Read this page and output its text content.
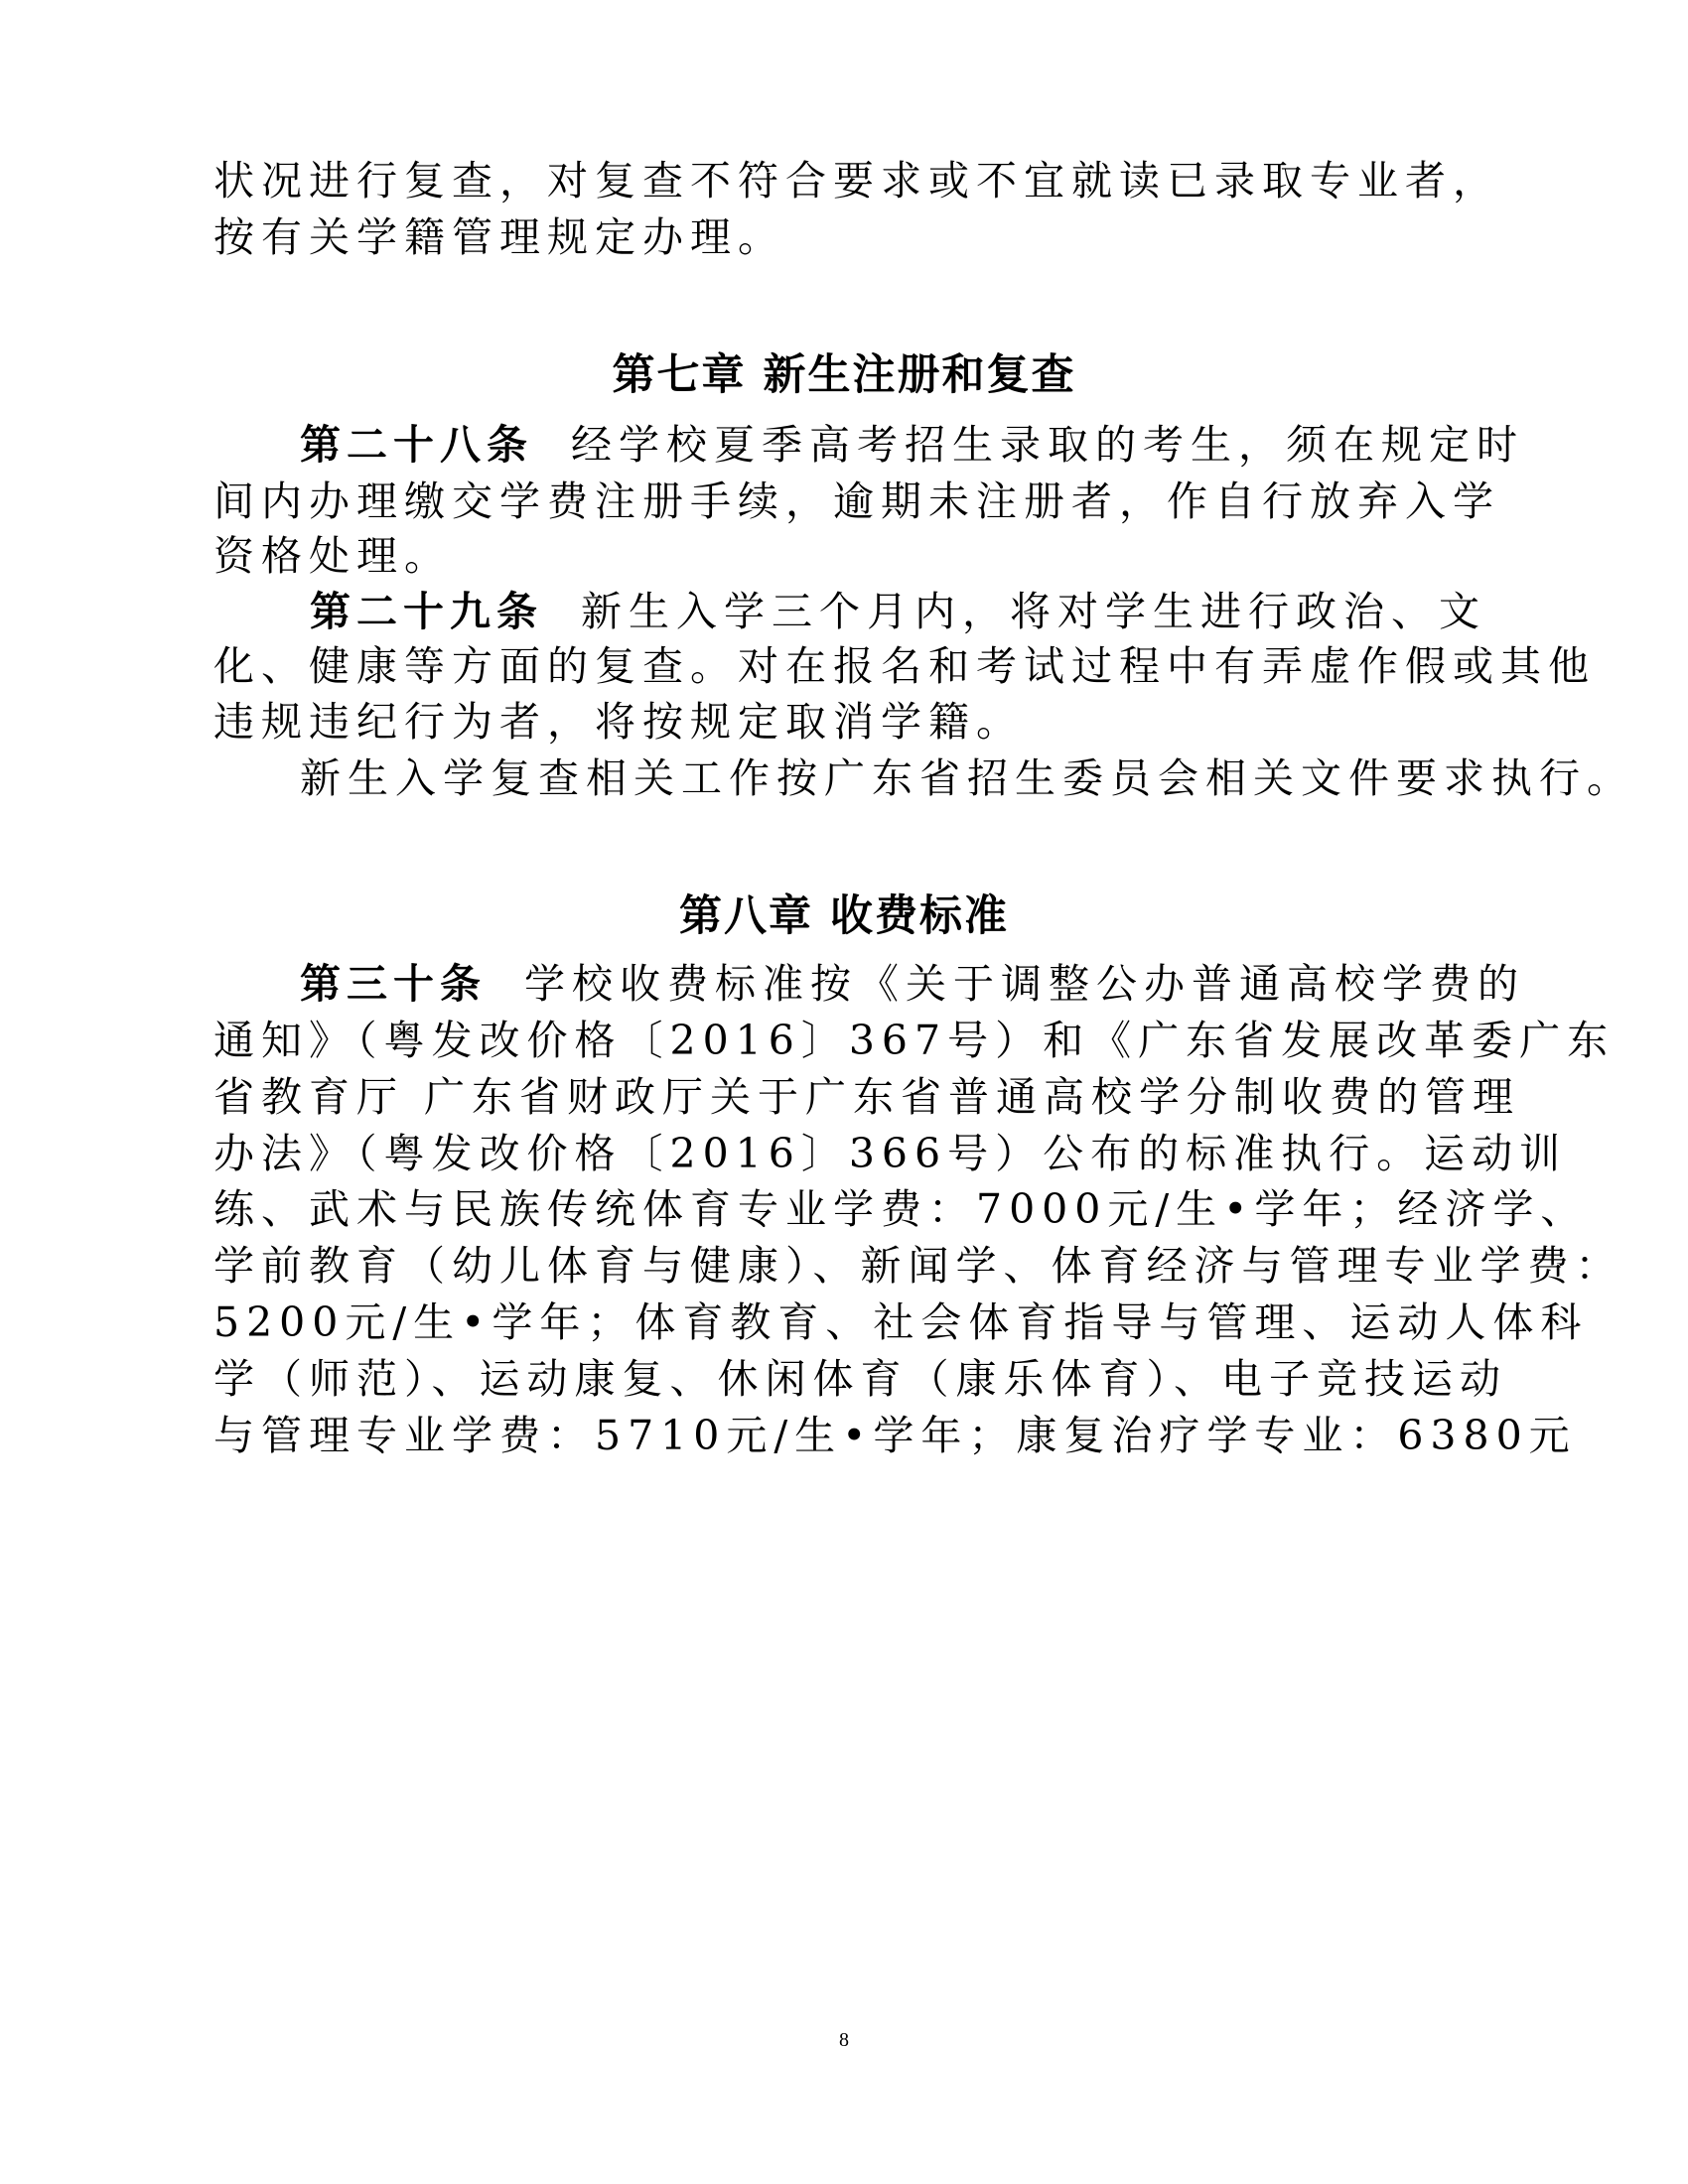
状况进行复查，对复查不符合要求或不宜就读已录取专业者，
按有关学籍管理规定办理。
第七章 新生注册和复查
第二十八条 经学校夏季高考招生录取的考生，须在规定时
间内办理缴交学费注册手续，逾期未注册者，作自行放弃入学
资格处理。
第二十九条 新生入学三个月内，将对学生进行政治、文
化、健康等方面的复查。对在报名和考试过程中有弄虚作假或其他
违规违纪行为者，将按规定取消学籍。
新生入学复查相关工作按广东省招生委员会相关文件要求执行。
第八章 收费标准
第三十条 学校收费标准按《关于调整公办普通高校学费的
通知》（粤发改价格〔2016〕367号）和《广东省发展改革委广东
省教育厅 广东省财政厅关于广东省普通高校学分制收费的管理
办法》（粤发改价格〔2016〕366号）公布的标准执行。运动训
练、武术与民族传统体育专业学费：7000元/生•学年；经济学、
学前教育（幼儿体育与健康）、新闻学、体育经济与管理专业学费：
5200元/生•学年；体育教育、社会体育指导与管理、运动人体科
学（师范）、运动康复、休闲体育（康乐体育）、电子竞技运动
与管理专业学费：5710元/生•学年；康复治疗学专业：6380元
8
